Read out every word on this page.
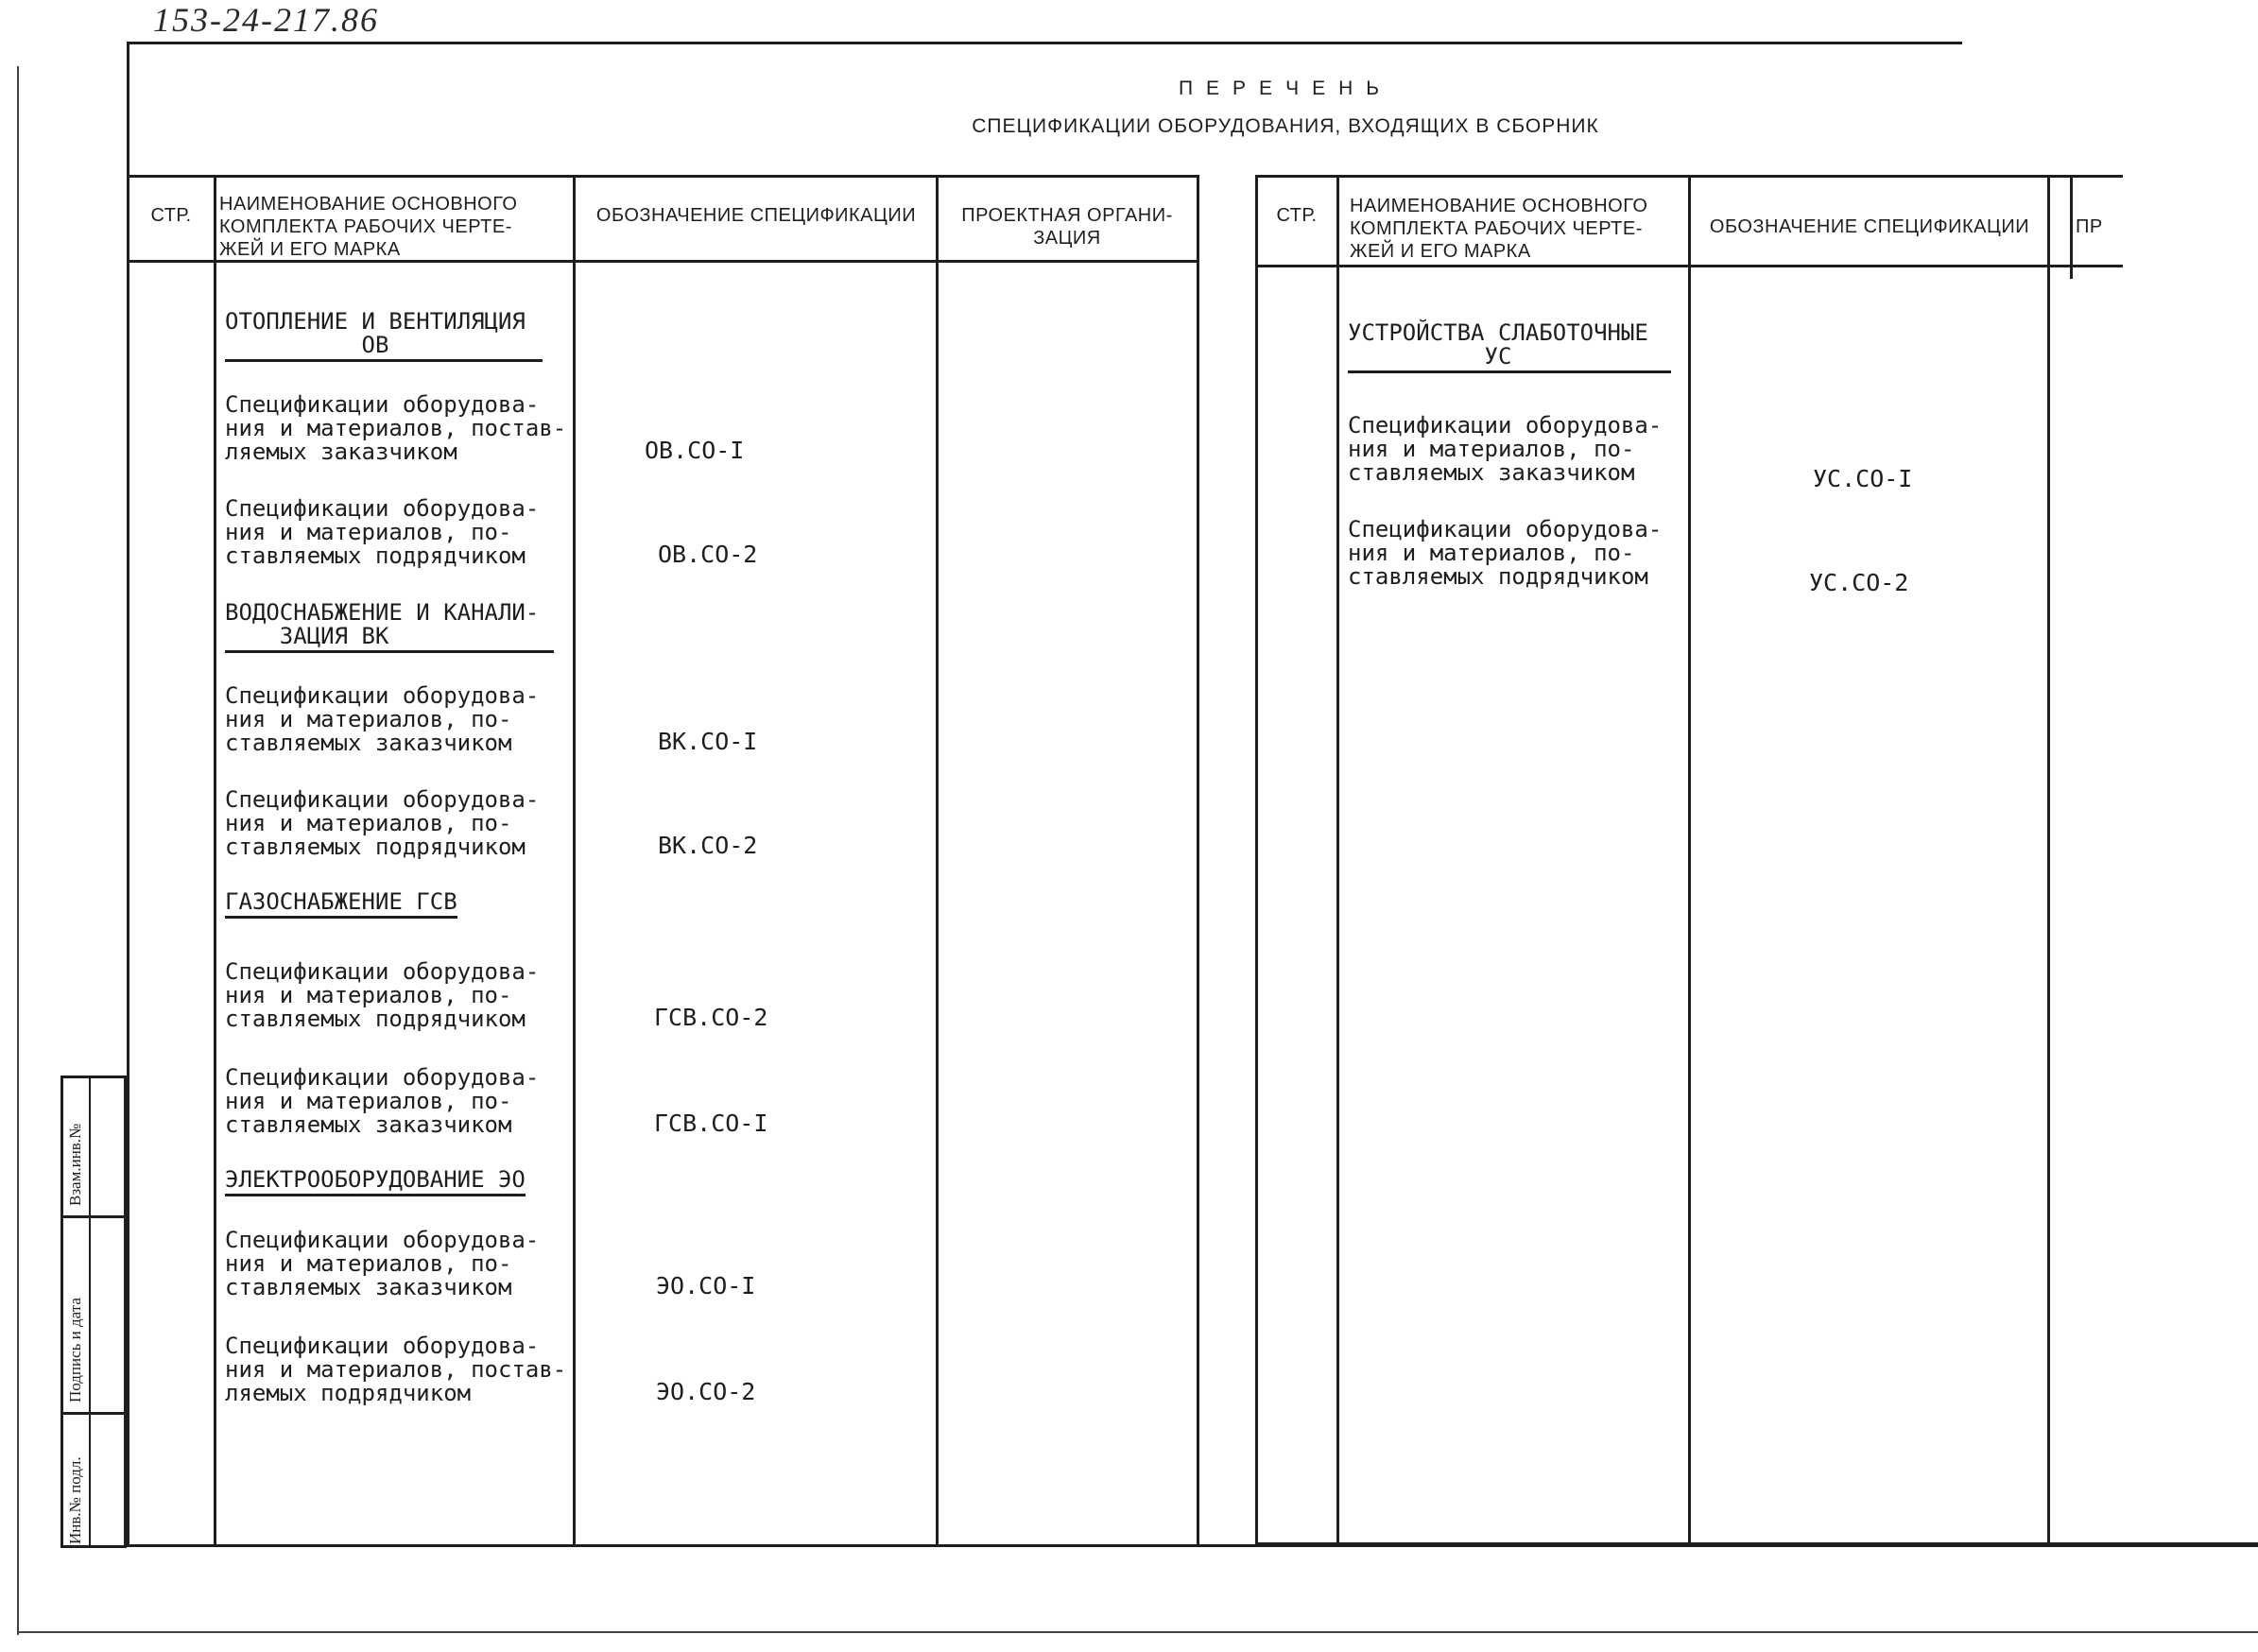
153-24-217.86
ПЕРЕЧЕНЬ
СПЕЦИФИКАЦИИ ОБОРУДОВАНИЯ, ВХОДЯЩИХ В СБОРНИК
СТР.
НАИМЕНОВАНИЕ ОСНОВНОГО КОМПЛЕКТА РАБОЧИХ ЧЕРТЕ- ЖЕЙ И ЕГО МАРКА
ОБОЗНАЧЕНИЕ СПЕЦИФИКАЦИИ	ПРОЕКТНАЯ ОРГАНИ- ЗАЦИЯ
ОТОПЛЕНИЕ И ВЕНТИЛЯЦИЯ
ОВ
Спецификации оборудова-
ния и материалов, постав-
ляемых заказчиком	ОВ.СО-I
Спецификации оборудова-
ния и материалов, по-
ставляемых подрядчиком	ОВ.СО-2
ВОДОСНАБЖЕНИЕ И КАНАЛИ-
ЗАЦИЯ ВК
Спецификации оборудова-
ния и материалов, по-
ставляемых заказчиком	ВК.СО-I
Спецификации оборудова-
ния и материалов, по-
ставляемых подрядчиком	ВК.СО-2
ГАЗОСНАБЖЕНИЕ ГСВ
Спецификации оборудова-
ния и материалов, по-
ставляемых подрядчиком	ГСВ.СО-2
Спецификации оборудова-
ния и материалов, по-
ставляемых заказчиком	ГСВ.СО-I
ЭЛЕКТРООБОРУДОВАНИЕ ЭО
Спецификации оборудова-
ния и материалов, по-
ставляемых заказчиком	ЭО.СО-I
Спецификации оборудова-
ния и материалов, постав-
ляемых подрядчиком	ЭО.СО-2
СТР.	НАИМЕНОВАНИЕ ОСНОВНОГО КОМПЛЕКТА РАБОЧИХ ЧЕРТЕ- ЖЕЙ И ЕГО МАРКА
ОБОЗНАЧЕНИЕ СПЕЦИФИКАЦИИ	ПР
УСТРОЙСТВА СЛАБОТОЧНЫЕ
УС
Спецификации оборудова-
ния и материалов, по-
ставляемых заказчиком	УС.СО-I
Спецификации оборудова-
ния и материалов, по-
ставляемых подрядчиком	УС.СО-2
Взам.инв.№
Подпись и дата
Инв.№ подл.
